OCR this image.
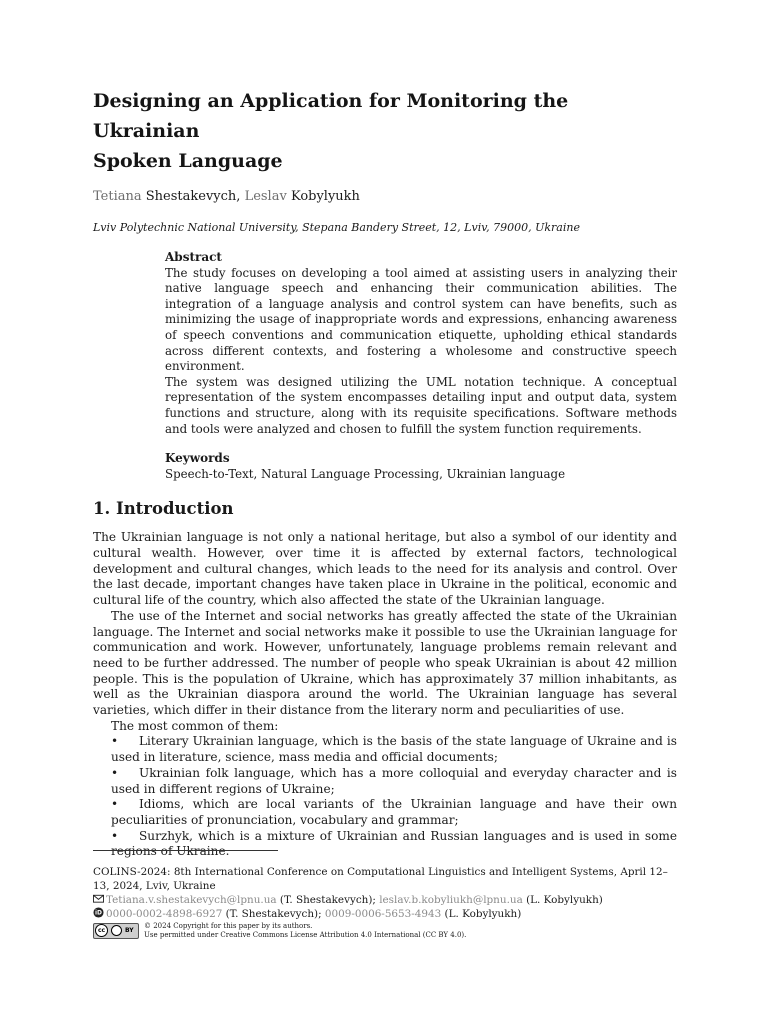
Designing an Application for Monitoring the Ukrainian
Spoken Language
Tetiana Shestakevych, Leslav Kobylyukh
Lviv Polytechnic National University, Stepana Bandery Street, 12, Lviv, 79000, Ukraine
Abstract

The study focuses on developing a tool aimed at assisting users in analyzing their native language speech and enhancing their communication abilities. The integration of a language analysis and control system can have benefits, such as minimizing the usage of inappropriate words and expressions, enhancing awareness of speech conventions and communication etiquette, upholding ethical standards across different contexts, and fostering a wholesome and constructive speech environment.

The system was designed utilizing the UML notation technique. A conceptual representation of the system encompasses detailing input and output data, system functions and structure, along with its requisite specifications. Software methods and tools were analyzed and chosen to fulfill the system function requirements.

Keywords

Speech-to-Text, Natural Language Processing, Ukrainian language

1. Introduction

The Ukrainian language is not only a national heritage, but also a symbol of our identity and cultural wealth. However, over time it is affected by external factors, technological development and cultural changes, which leads to the need for its analysis and control. Over the last decade, important changes have taken place in Ukraine in the political, economic and cultural life of the country, which also affected the state of the Ukrainian language.

The use of the Internet and social networks has greatly affected the state of the Ukrainian language. The Internet and social networks make it possible to use the Ukrainian language for communication and work. However, unfortunately, language problems remain relevant and need to be further addressed. The number of people who speak Ukrainian is about 42 million people. This is the population of Ukraine, which has approximately 37 million inhabitants, as well as the Ukrainian diaspora around the world. The Ukrainian language has several varieties, which differ in their distance from the literary norm and peculiarities of use.

The most common of them:

• Literary Ukrainian language, which is the basis of the state language of Ukraine and is used in literature, science, mass media and official documents;
• Ukrainian folk language, which has a more colloquial and everyday character and is used in different regions of Ukraine;
• Idioms, which are local variants of the Ukrainian language and have their own peculiarities of pronunciation, vocabulary and grammar;
• Surzhyk, which is a mixture of Ukrainian and Russian languages and is used in some regions of Ukraine.

COLINS-2024: 8th International Conference on Computational Linguistics and Intelligent Systems, April 12–13, 2024, Lviv, Ukraine

Tetiana.v.shestakevych@lpnu.ua (T. Shestakevych); leslav.b.kobyliukh@lpnu.ua (L. Kobylyukh)

iD 0000-0002-4898-6927 (T. Shestakevych); 0009-0006-5653-4943 (L. Kobylyukh)

cc	BY © 2024 Copyright for this paper by its authors.
Use permitted under Creative Commons License Attribution 4.0 International (CC BY 4.0).
